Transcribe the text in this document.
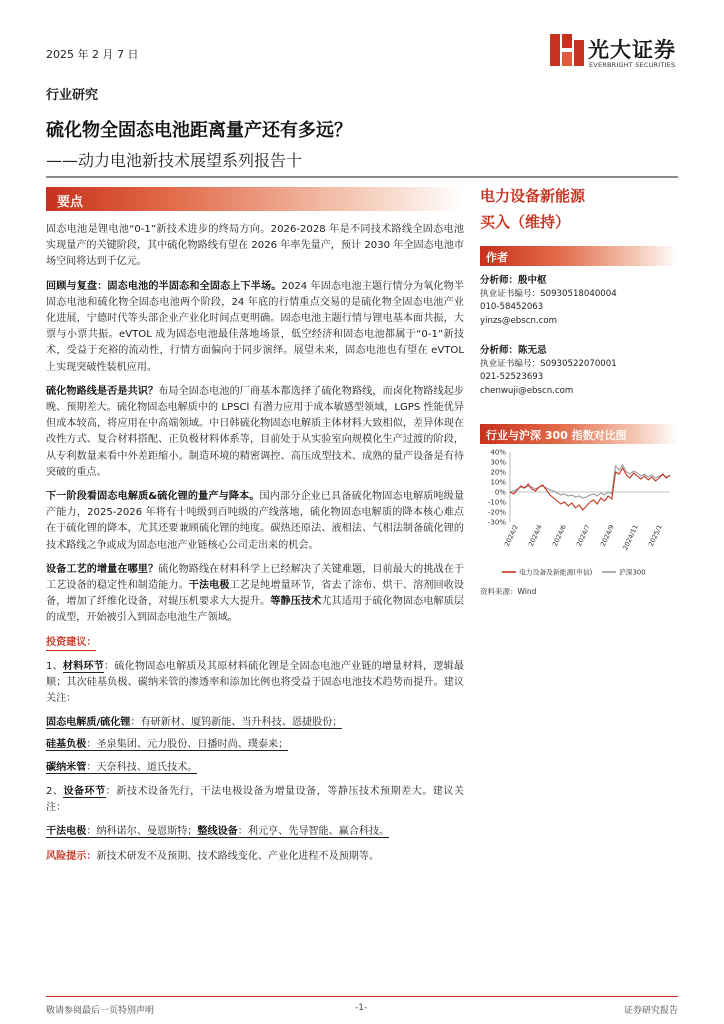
2025 年 2 月 7 日	光大证券
EVERBRIGHT SECURITIES
行业研究
硫化物全固态电池距离量产还有多远？
——动力电池新技术展望系列报告十
要点

固态电池是锂电池“0-1”新技术进步的终局方向。2026-2028 年是不同技术路线全固态电池实现量产的关键阶段，其中硫化物路线有望在 2026 年率先量产，预计 2030 年全固态电池市场空间将达到千亿元。

回顾与复盘：固态电池的半固态和全固态上下半场。2024 年固态电池主题行情分为氧化物半固态电池和硫化物全固态电池两个阶段，24 年底的行情重点交易的是硫化物全固态电池产业化进展，宁德时代等头部企业产业化时间点更明确。固态电池主题行情与锂电基本面共振，大票与小票共振。eVTOL 成为固态电池最佳落地场景，低空经济和固态电池都属于“0-1”新技术，受益于充裕的流动性，行情方面偏向于同步演绎。展望未来，固态电池也有望在 eVTOL 上实现突破性装机应用。

硫化物路线是否是共识？布局全固态电池的厂商基本都选择了硫化物路线，而卤化物路线起步晚、预期差大。硫化物固态电解质中的 LPSCl 有潜力应用于成本敏感型领域，LGPS 性能优异但成本较高，将应用在中高端领域。中日韩硫化物固态电解质主体材料大致相似，差异体现在改性方式、复合材料搭配、正负极材料体系等，目前处于从实验室向规模化生产过渡的阶段，从专利数量来看中外差距缩小。制造环境的精密调控、高压成型技术、成熟的量产设备是有待突破的重点。

下一阶段看固态电解质&硫化锂的量产与降本。国内部分企业已具备硫化物固态电解质吨级量产能力，2025-2026 年将有十吨级到百吨级的产线落地，硫化物固态电解质的降本核心难点在于硫化锂的降本，尤其还要兼顾硫化锂的纯度。碳热还原法、液相法、气相法制备硫化锂的技术路线之争或成为固态电池产业链核心公司走出来的机会。

设备工艺的增量在哪里？硫化物路线在材料科学上已经解决了关键难题，目前最大的挑战在于工艺设备的稳定性和制造能力。干法电极工艺是纯增量环节，省去了涂布、烘干、溶剂回收设备，增加了纤维化设备，对辊压机要求大大提升。等静压技术尤其适用于硫化物固态电解质层的成型，开始被引入到固态电池生产领域。

投资建议：

1、材料环节：硫化物固态电解质及其原材料硫化锂是全固态电池产业链的增量材料，逻辑最顺；其次硅基负极、碳纳米管的渗透率和添加比例也将受益于固态电池技术趋势而提升。建议关注：

固态电解质/硫化锂：有研新材、厦钨新能、当升科技、恩捷股份；
硅基负极：圣泉集团、元力股份、日播时尚、璞泰来；
碳纳米管：天奈科技、道氏技术。

2、设备环节：新技术设备先行，干法电极设备为增量设备，等静压技术预期差大。建议关注：

干法电极：纳科诺尔、曼恩斯特；整线设备：利元亨、先导智能、赢合科技。
风险提示：新技术研发不及预期、技术路线变化、产业化进程不及预期等。
电力设备新能源
买入（维持）
作者
分析师：殷中枢
执业证书编号：S0930518040004
010-58452063
yinzs@ebscn.com
分析师：陈无忌
执业证书编号：S0930522070001
021-52523693
chenwuji@ebscn.com
行业与沪深 300 指数对比图
40%
30%
20%
10%
0%
-10%
-20%
-30%
2024/2 2024/4 2024/6 2024/7 2024/9 2024/11 2025/1
电力设备及新能源(申信)	沪深300
资料来源：Wind
敬请参阅最后一页特别声明	-1-	证券研究报告
